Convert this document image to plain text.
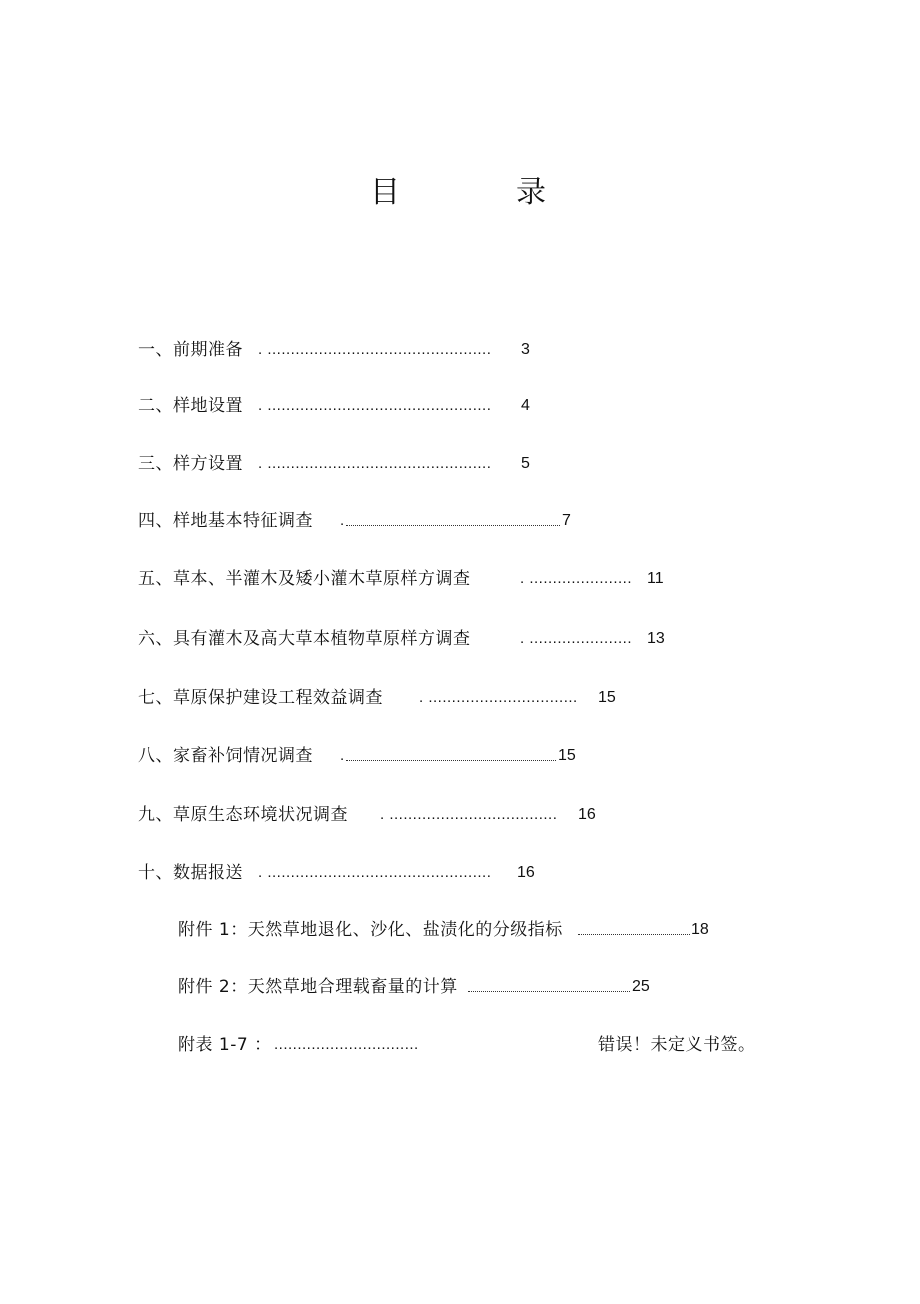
目	录
一、前期准备 . ................................................ 3
二、样地设置 . ................................................ 4
三、样方设置 . ................................................ 5
四、样地基本特征调查 .	7
五、草本、半灌木及矮小灌木草原样方调查	. ...................... 11
六、具有灌木及高大草本植物草原样方调查	. ...................... 13
七、草原保护建设工程效益调查 . ................................ 15
八、家畜补饲情况调查 .	15
九、草原生态环境状况调查 . .................................... 16
十、数据报送 . ................................................ 16
附件 1：天然草地退化、沙化、盐渍化的分级指标	18
附件 2：天然草地合理载畜量的计算	25
附表 1-7 ： ...............................	错误！未定义书签。
